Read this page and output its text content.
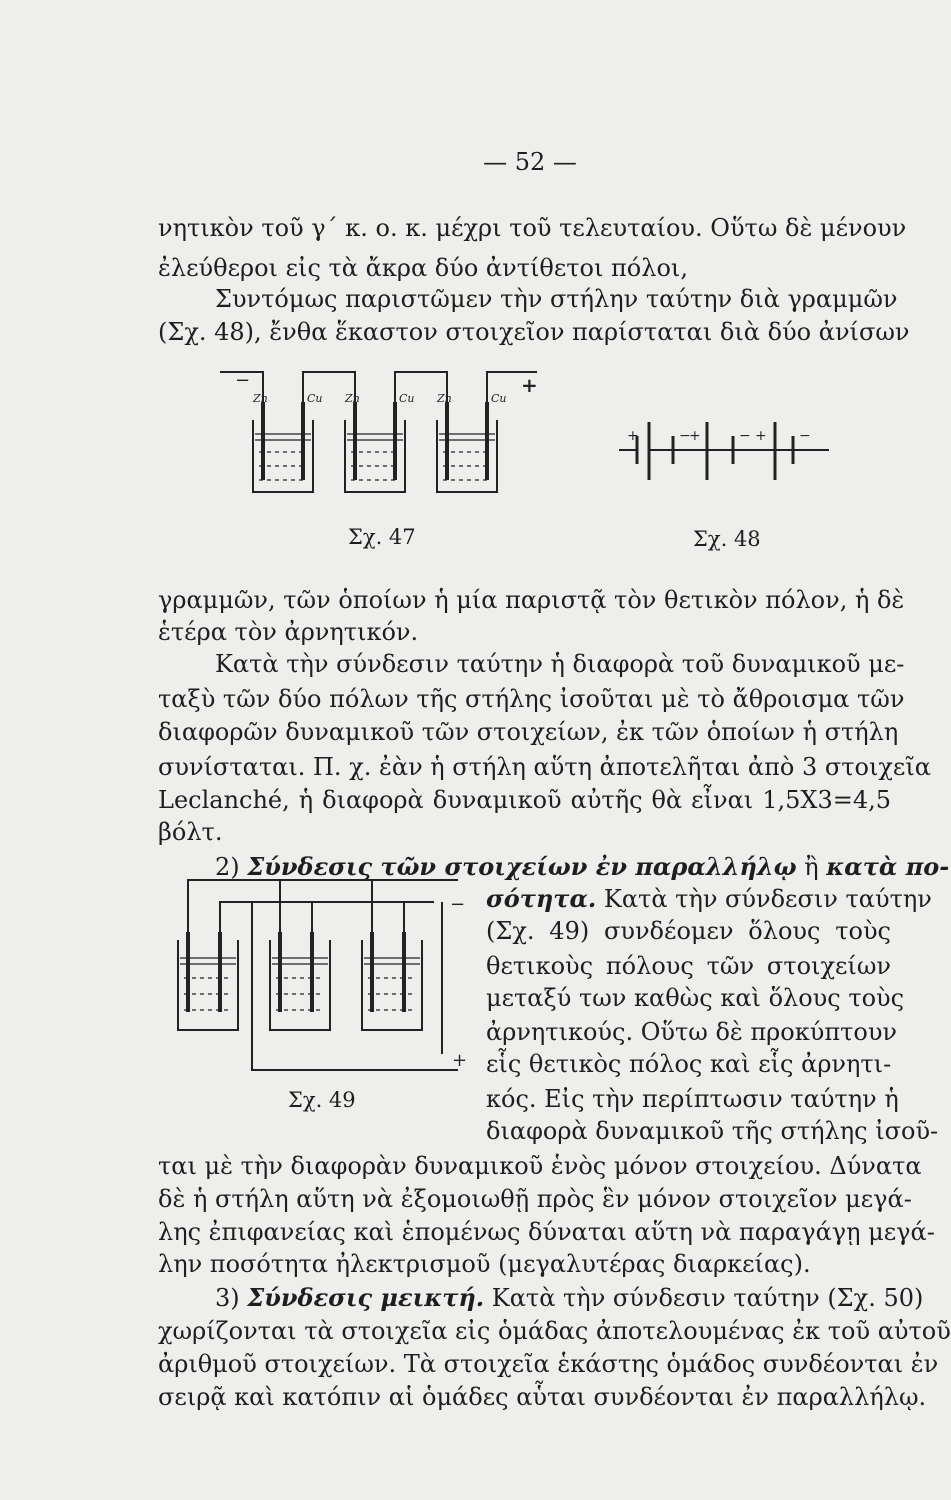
— 52 —
νητικὸν τοῦ γ΄ κ. ο. κ. μέχρι τοῦ τελευταίου. Οὕτω δὲ μένουν
ἐλεύθεροι εἰς τὰ ἄκρα δύο ἀντίθετοι πόλοι,
Συντόμως παριστῶμεν τὴν στήλην ταύτην διὰ γραμμῶν
(Σχ. 48), ἔνθα ἕκαστον στοιχεῖον παρίσταται διὰ δύο ἀνίσων
Zn	Cu Zn	Cu Zn	Cu
−	+
Σχ. 47
+	−
+	− + −
Σχ. 48
γραμμῶν, τῶν ὁποίων ἡ μία παριστᾷ τὸν θετικὸν πόλον, ἡ δὲ
ἑτέρα τὸν ἀρνητικόν.
Κατὰ τὴν σύνδεσιν ταύτην ἡ διαφορὰ τοῦ δυναμικοῦ με-
ταξὺ τῶν δύο πόλων τῆς στήλης ἰσοῦται μὲ τὸ ἄθροισμα τῶν
διαφορῶν δυναμικοῦ τῶν στοιχείων, ἐκ τῶν ὁποίων ἡ στήλη
συνίσταται. Π. χ. ἐὰν ἡ στήλη αὕτη ἀποτελῆται ἀπὸ 3 στοιχεῖα
Leclanché, ἡ διαφορὰ δυναμικοῦ αὐτῆς θὰ εἶναι 1,5Χ3=4,5
βόλτ.
2) Σύνδεσις τῶν στοιχείων ἐν παραλλήλῳ ἢ κατὰ πο-
σότητα. Κατὰ τὴν σύνδεσιν ταύτην
(Σχ. 49) συνδέομεν ὅλους τοὺς
θετικοὺς πόλους τῶν στοιχείων
μεταξύ των καθὼς καὶ ὅλους τοὺς
ἀρνητικούς. Οὕτω δὲ προκύπτουν
εἷς θετικὸς πόλος καὶ εἷς ἀρνητι-
κός. Εἰς τὴν περίπτωσιν ταύτην ἡ
διαφορὰ δυναμικοῦ τῆς στήλης ἰσοῦ-
−
+
Σχ. 49
ται μὲ τὴν διαφορὰν δυναμικοῦ ἑνὸς μόνον στοιχείου. Δύνατα
δὲ ἡ στήλη αὕτη νὰ ἐξομοιωθῇ πρὸς ἓν μόνον στοιχεῖον μεγά-
λης ἐπιφανείας καὶ ἑπομένως δύναται αὕτη νὰ παραγάγῃ μεγά-
λην ποσότητα ἠλεκτρισμοῦ (μεγαλυτέρας διαρκείας).
3) Σύνδεσις μεικτή. Κατὰ τὴν σύνδεσιν ταύτην (Σχ. 50)
χωρίζονται τὰ στοιχεῖα εἰς ὁμάδας ἀποτελουμένας ἐκ τοῦ αὐτοῦ
ἀριθμοῦ στοιχείων. Τὰ στοιχεῖα ἑκάστης ὁμάδος συνδέονται ἐν
σειρᾷ καὶ κατόπιν αἱ ὁμάδες αὗται συνδέονται ἐν παραλλήλῳ.
